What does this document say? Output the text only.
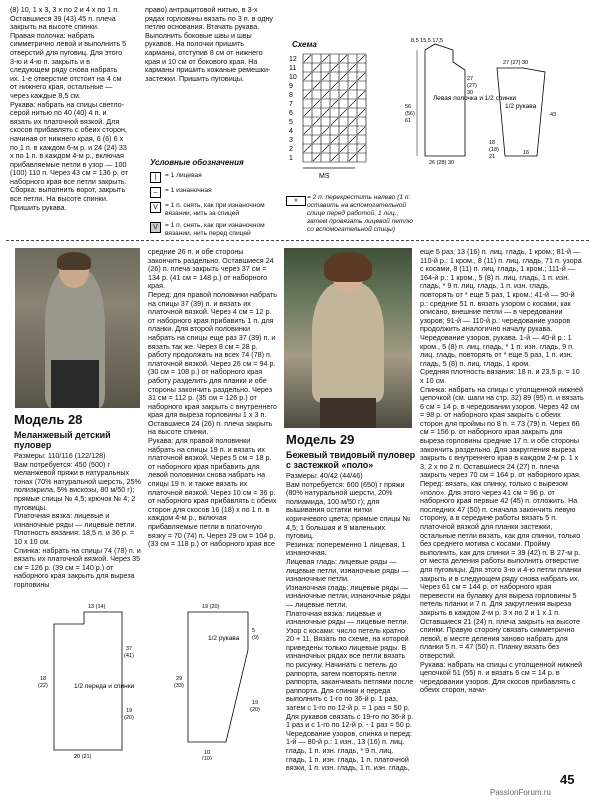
(8) 10, 1 x 3, 3 x по 2 и 4 x по 1 п. Оставшиеся 39 (43) 45 п. плеча закрыть на высоте спинки.
Правая полочка: набрать симметрично левой и выполнить 5 отверстий для пуговиц. Для этого 3-ю и 4-ю п. закрыть и в следующем ряду снова набрать их. 1-е отверстие отстоит на 4 см от нижнего края, остальные — через каждые 8,5 см.
Рукава: набрать на спицы светло-серой нитью по 40 (40) 4 п. и вязать их платочной вязкой. Для скосов прибавлять с обеих сторон, начиная от нижнего края, 6 (6) 6 x по 1 п. в каждом 6-м р. и 24 (24) 33 x по 1 п. в каждом 4-м р., включая прибавляемые петли в узор — 100 (100) 110 п. Через 43 см = 136 р. от наборного края все петли закрыть.
Сборка: выполнить ворот, закрыть все петли. На высоте спинки. Пришить рукава.
право) антрацитовой нитью, в 3-х рядах горловины вязать по 3 п. в одну петлю основания. Втачать рукава. Выполнить боковые швы и швы рукавов. На полочки пришить карманы, отступив 8 см от нижнего края и 10 см от бокового края. На карманы пришить кожаные ремешки-застежки. Пришить пуговицы.
Условные обозначения
|	= 1 лицевая
–	= 1 изнаночная
V	= 1 п. снять, как при изнаночном вязании, нить за спицей
V	= 1 п. снять, как при изнаночном вязании, нить перед спицей
Схема
12
11
10
9
8
7
6
5
4
3
2
1
MS
⨯	= 2 п. перекрестить налево (1 п. оставить на вспомогательной спице перед работой, 1 лиц., затем провязать лицевой петлю со вспомогательной спицы)
Левая полочка и 1/2 спинки
1/2 рукава
8,5 15,5 17,5
56
(56)
61
27
(27)
30
26 (28) 30
27 (27) 30
43
18
(18)
21
16
Модель 28
Меланжевый детский
пуловер
Размеры: 110/116 (122/128)
Вам потребуется: 450 (500) г меланжевой пряжи в натуральных тонах (70% натуральной шерсть, 25% полиэкрила, 5% вискозы, 80 м/50 г); прямые спицы № 4,5; крючок № 4; 2 пуговицы.
Платочная вязка: лицевые и изнаночные ряды — лицевые петли.
Плотность вязания: 18,5 п. и 36 р. = 10 x 10 см.
Спинка: набрать на спицы 74 (78) п. и вязать их платочной вязкой. Через 35 см = 126 р. (39 см = 140 р.) от наборного края закрыть для выреза горловины
средние 26 п. и обе стороны закончить раздельно. Оставшиеся 24 (26) п. плеча закрыть через 37 см = 134 р. (41 см = 148 р.) от наборного края.
Перед: для правой половинки набрать на спицы 37 (39) п. и вязать их платочной вязкой. Через 4 см = 12 р. от наборного края прибавить 1 п. для планки. Для второй половинки набрать на спицы еще раз 37 (39) п. и вязать так же. Через 8 см = 28 р. работу продолжать на всех 74 (78) п. платочной вязкой. Через 26 см = 94 р. (30 см = 108 р.) от наборного края работу разделить для планки и обе стороны закончить раздельно. Через 31 см = 112 р. (35 см = 126 р.) от наборного края закрыть с внутреннего края для выреза горловины 1 x 3 п. Оставшиеся 24 (26) п. плеча закрыть на высоте спинки.
Рукава: для правой половинки набрать на спицы 19 п. и вязать их платочной вязкой. Через 5 см = 18 р. от наборного края прибавить для левой половинки снова набрать на спицы 19 п. и также вязать их платочной вязкой. Через 10 см = 36 р. от наборного края прибавлять с обеих сторон для скосов 16 (18) x по 1 п. в каждом 4-м р., включая прибавляемые петли в платочную вязку = 70 (74) п. Через 29 см = 104 р. (33 см = 118 р.) от наборного края все

1/2 переда и спинки
13 (14)
18
(22)
37
(41)
19
(20)
20 (21)
1/2 рукава
19 (20)
29
(33)
5
(9)
19
(20)
10
(10)
Модель 29
Бежевый твидовый пуловер
с застежкой «поло»
Размеры: 40/42 (44/46)
Вам потребуется: 600 (650) г пряжи (80% натуральной шерсти, 20% полиамида, 100 м/50 г); для вышивания остатки нитки коричневого цвета; прямые спицы № 4,5; 1 большая и 9 маленьких пуговиц.
Резинка: попеременно 1 лицевая, 1 изнаночная.
Лицевая гладь: лицевые ряды — лицевые петли, изнаночные ряды — изнаночные петли.
Изнаночная гладь: лицевые ряды — изнаночные петли, изнаночные ряды — лицевые петли.
Платочная вязка: лицевые и изнаночные ряды — лицевые петли.
Узор с косами: число петель кратно 20 + 11. Вязать по схеме, на которой приведены только лицевые ряды. В изнаночных рядах все петли вязать по рисунку. Начинать с петель до раппорта, затем повторять петли раппорта, заканчивать петлями после раппорта. Для спинки и переда выполнить с 1-го по 36-й р. 1 раз, затем с 1-го по 12-й р. = 1 раз = 50 р. Для рукавов связать с 19-го по 36-й р. 1 раз и с 1-го по 12-й р. - 1 раз = 50 р.
Чередование узоров, спинка и перед: 1-й — 80-й р.: 1 изн., 13 (16) п. лиц. гладь, 1 п. изн. гладь, * 9 п. лиц. гладь, 1 п. изн. гладь, 1 п. платочной вязки, 1 п. изн. гладь, 1 п. изн. гладь,
еще 5 раз, 13 (16) п. лиц. гладь, 1 кром.; 81-й — 110-й р.: 1 кром., 8 (11) п. лиц. гладь, 71 п. узора с косами, 8 (11) п. лиц. гладь, 1 кром.; 111-й — 164-й р.: 1 кром., 5 (8) п. лиц. гладь, 1 п. изн. гладь, * 9 п. лиц. гладь, 1 п. изн. гладь, повторять от * еще 5 раз, 1 кром.; 41-й — 90-й р.: средние 51 п. вязать узором с косами, как описано, внешние петли — в чередовании узоров; 91-й — 110-й р.: чередование узоров продолжить аналогично началу рукава.
Чередование узоров, рукава. 1-й — 40-й р.: 1 кром., 5 (8) п. лиц. гладь, * 1 п. изн. гладь, 9 п. лиц. гладь, повторять от * еще 5 раз, 1 п. изн. гладь, 5 (8) п. лиц. гладь, 1 кром.
Средняя плотность вязания: 18 п. и 23,5 р. = 10 x 10 см.
Спинка: набрать на спицы с утолщенной нижней цепочкой (см. шаги на стр. 32) 89 (95) п. и вязать 6 см = 14 р. в чередовании узоров. Через 42 см = 98 р. от наборного края закрыть с обеих сторон для проймы по 8 п. = 73 (79) п. Через 66 см = 156 р. от наборного края закрыть для выреза горловины средние 17 п. и обе стороны закончить раздельно. Для закругления выреза закрыть с внутреннего края в каждом 2-м р. 1 x 3, 2 x по 2 п. Оставшиеся 24 (27) п. плеча закрыть через 70 см = 164 р. от наборного края.
Перед: вязать, как спинку, только с вырезом «поло». Для этого через 41 см = 96 р. от наборного края первые 42 (45) п. отложить. На последних 47 (50) п. сначала закончить левую сторону, а в середине работы вязать 5 п. платочной вязкой для планки застежки, остальные петли вязать, как для спинки, только без среднего мотива с косами. Пройму выполнить, как для спинки = 39 (42) п. В 27-м р. от места деления работы выполнить отверстие для пуговицы. Для этого 3-ю и 4-ю петли планки закрыть и в следующем ряду снова набрать их. Через 61 см = 144 р. от наборного края перевести на булавку для выреза горловины 5 петель планки и 7 п. Для закругления выреза закрыть в каждом 2-м р. 3 x по 2 и 1 x 1 п. Оставшиеся 21 (24) п. плеча закрыть на высоте спинки. Правую сторону связать симметрично левой, в месте деления заново набрать для планки 5 п. = 47 (50) п. Планку вязать без отверстий.
Рукава: набрать на спицы с утолщенной нижней цепочкой 51 (55) п. и вязать 6 см = 14 р. в чередовании узоров. Для скосов прибавлять с обеих сторон, начи-
45
PassionForum.ru
